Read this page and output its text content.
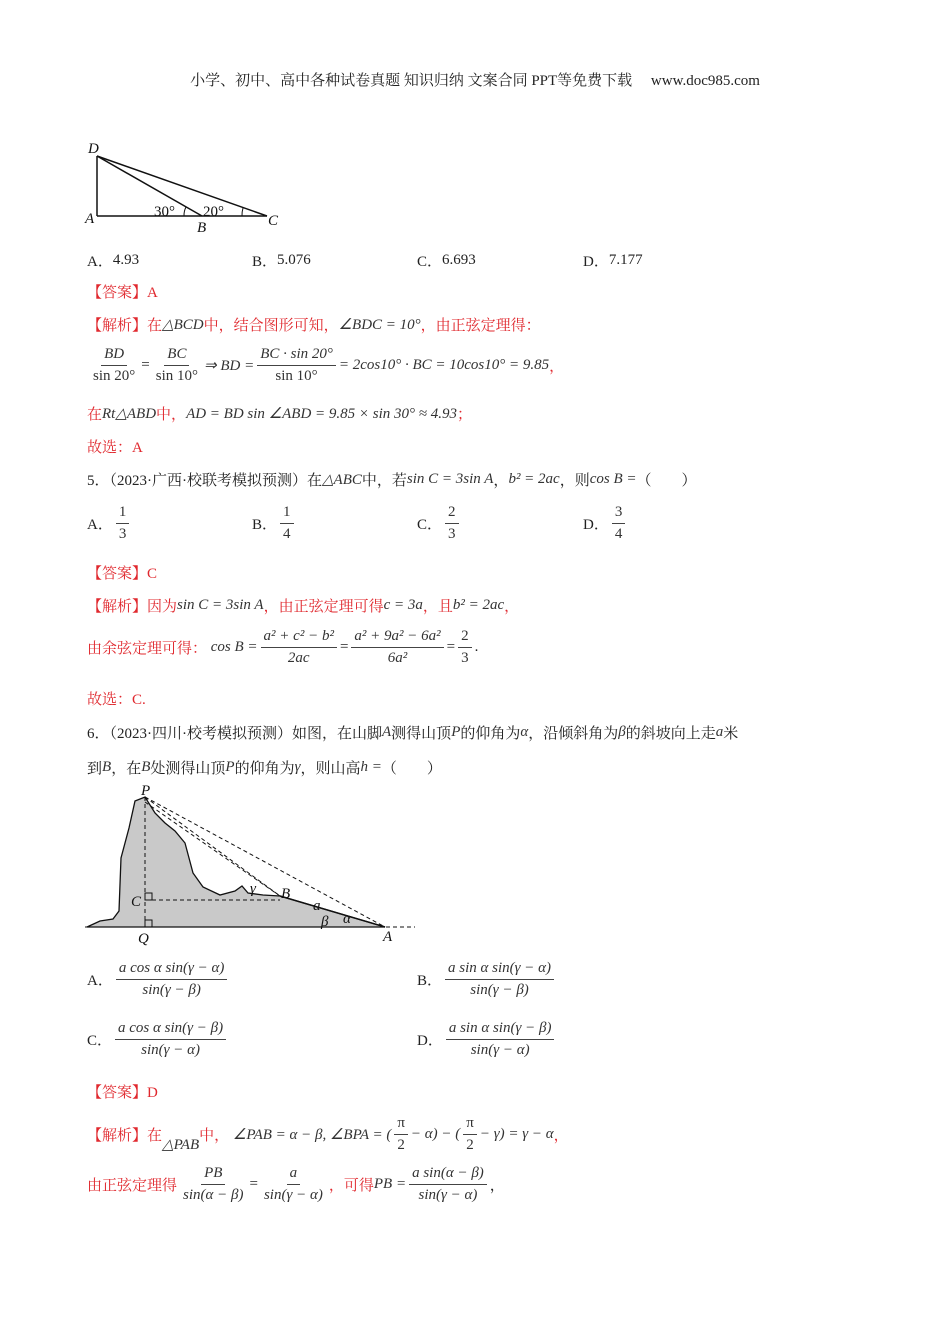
小学、初中、高中各种试卷真题 知识归纳 文案合同 PPT等免费下载 www.doc985.com
D
A
B	C
30° 20°
A． 4.93	B． 5.076	C． 6.693	D． 7.177
【答案】A
【解析】 在 △BCD 中，结合图形可知， ∠BDC = 10° ，由正弦定理得：
$\frac{BD}{\sin 20^\circ} = \frac{BC}{\sin 10^\circ}$ ⇒ BD = $\frac{BC \cdot \sin 20^\circ}{\sin 10^\circ} = 2\cos 10^\circ$ · BC = 10cos10° = 9.85 ，
在 Rt△ABD 中， AD = BD sin ∠ABD = 9.85 × sin 30° ≈ 4.93 ；
故选：A
5．（2023·广西·校联考模拟预测）在 △ABC 中，若 sin C = 3sin A ， b² = 2ac ，则 cos B = （　　）
A． $\frac{1}{3}$	B． $\frac{1}{4}$	C． $\frac{2}{3}$	D． $\frac{3}{4}$
【答案】C
【解析】 因为 sin C = 3sin A ，由正弦定理可得 c = 3a ，且 b² = 2ac ，
由余弦定理可得：
$\cos B = \frac{\text{a² + c² − b²}}{2ac} = \frac{\text{a² + 9a² − 6a²}}{\text{6a²}} = \frac{2}{3}$ .
故选：C.
6．（2023·四川·校考模拟预测）如图，在山脚 A 测得山顶 P 的仰角为 α ，沿倾斜角为 β 的斜坡向上走 a 米
到 B ，在 B 处测得山顶 P 的仰角为 γ ，则山高 h = （　　）
P
C	B
a
α
β
γ
Q	A
A． $\frac{\text{a cos α sin(γ − α)}}{\sin(\gamma - \beta)}$	B． $\frac{\text{a sin α sin(γ − α)}}{\sin(\gamma - \beta)}$
C． $\frac{\text{a cos α sin(γ − β)}}{\sin(\gamma - \alpha)}$	D． $\frac{\text{a sin α sin(γ − β)}}{\sin(\gamma - \alpha)}$
【答案】D
【解析】 在
△PAB
中，
∠PAB = α − β, ∠BPA = ( $\frac{\pi}{2} - \alpha$) − ( $\frac{\pi}{2} - \gamma) = \gamma - \alpha$ ，
由正弦定理得 $\frac{PB}{\sin(\alpha - \beta)} = \frac{a}{\sin(\gamma - \alpha)}$ ，可得 PB = $\frac{\text{a sin(α − β)}}{\sin(\gamma - \alpha)}$ ，
